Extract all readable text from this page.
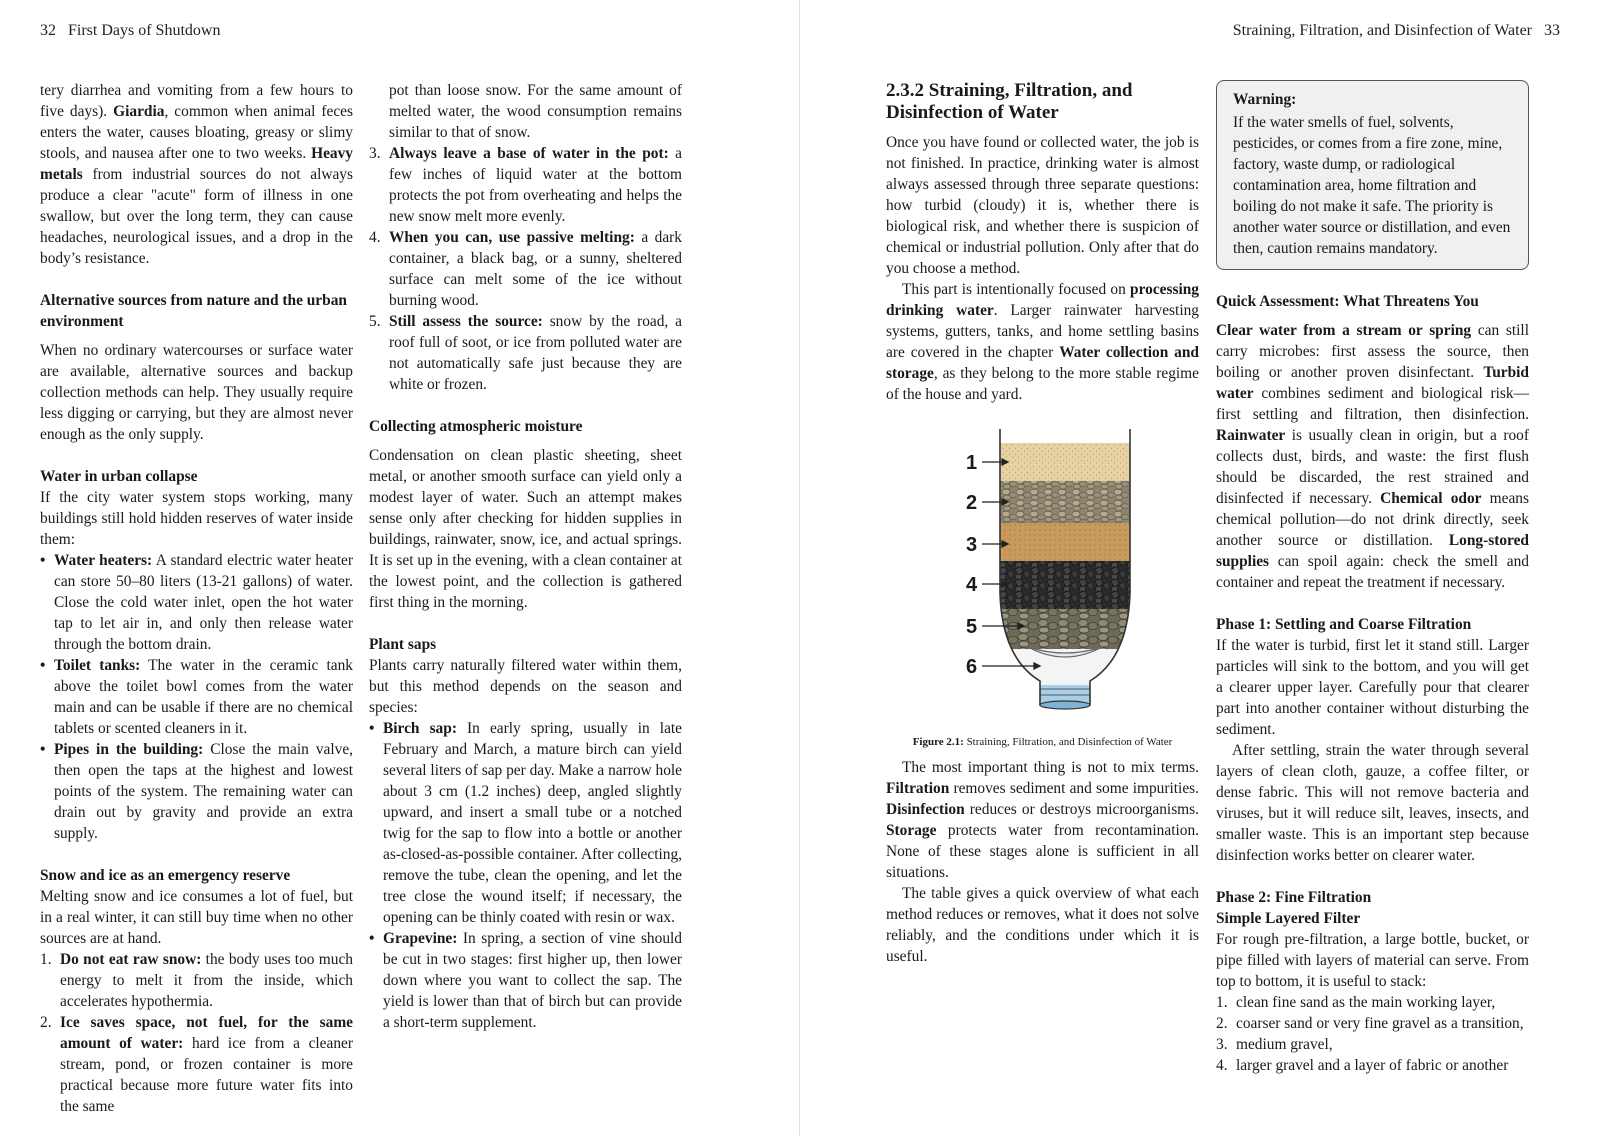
32 First Days of Shutdown

tery diarrhea and vomiting from a few hours to five days). Giardia, common when animal feces enters the water, causes bloating, greasy or slimy stools, and nausea after one to two weeks. Heavy metals from industrial sources do not always produce a clear "acute" form of illness in one swallow, but over the long term, they can cause headaches, neurological issues, and a drop in the body’s resistance.

Alternative sources from nature and the urban environment

When no ordinary watercourses or surface water are available, alternative sources and backup collection methods can help. They usually require less digging or carrying, but they are almost never enough as the only supply.

Water in urban collapse

If the city water system stops working, many buildings still hold hidden reserves of water inside them:

• Water heaters: A standard electric water heater can store 50–80 liters (13-21 gallons) of water. Close the cold water inlet, open the hot water tap to let air in, and only then release water through the bottom drain.
• Toilet tanks: The water in the ceramic tank above the toilet bowl comes from the water main and can be usable if there are no chemical tablets or scented cleaners in it.
• Pipes in the building: Close the main valve, then open the taps at the highest and lowest points of the system. The remaining water can drain out by gravity and provide an extra supply.
Snow and ice as an emergency reserve

Melting snow and ice consumes a lot of fuel, but in a real winter, it can still buy time when no other sources are at hand.

1. Do not eat raw snow: the body uses too much energy to melt it from the inside, which accelerates hypothermia.
2. Ice saves space, not fuel, for the same amount of water: hard ice from a cleaner stream, pond, or frozen container is more practical because more future water fits into the same

pot than loose snow. For the same amount of melted water, the wood consumption remains similar to that of snow.

3. Always leave a base of water in the pot: a few inches of liquid water at the bottom protects the pot from overheating and helps the new snow melt more evenly.
4. When you can, use passive melting: a dark container, a black bag, or a sunny, sheltered surface can melt some of the ice without burning wood.
5. Still assess the source: snow by the road, a roof full of soot, or ice from polluted water are not automatically safe just because they are white or frozen.
Collecting atmospheric moisture

Condensation on clean plastic sheeting, sheet metal, or another smooth surface can yield only a modest layer of water. Such an attempt makes sense only after checking for hidden supplies in buildings, rainwater, snow, ice, and actual springs. It is set up in the evening, with a clean container at the lowest point, and the collection is gathered first thing in the morning.

Plant saps

Plants carry naturally filtered water within them, but this method depends on the season and species:

• Birch sap: In early spring, usually in late February and March, a mature birch can yield several liters of sap per day. Make a narrow hole about 3 cm (1.2 inches) deep, angled slightly upward, and insert a small tube or a notched twig for the sap to flow into a bottle or another as-closed-as-possible container. After collecting, remove the tube, clean the opening, and let the tree close the wound itself; if necessary, the opening can be thinly coated with resin or wax.
• Grapevine: In spring, a section of vine should be cut in two stages: first higher up, then lower down where you want to collect the sap. The yield is lower than that of birch but can provide a short-term supplement.
Straining, Filtration, and Disinfection of Water 33
2.3.2 Straining, Filtration, and Disinfection of Water

Once you have found or collected water, the job is not finished. In practice, drinking water is almost always assessed through three separate questions: how turbid (cloudy) it is, whether there is biological risk, and whether there is suspicion of chemical or industrial pollution. Only after that do you choose a method.

This part is intentionally focused on processing drinking water. Larger rainwater harvesting systems, gutters, tanks, and home settling basins are covered in the chapter Water collection and storage, as they belong to the more stable regime of the house and yard.

1
2
3
4
5
6
Figure 2.1: Straining, Filtration, and Disinfection of Water

The most important thing is not to mix terms. Filtration removes sediment and some impurities. Disinfection reduces or destroys microorganisms. Storage protects water from recontamination. None of these stages alone is sufficient in all situations.

The table gives a quick overview of what each method reduces or removes, what it does not solve reliably, and the conditions under which it is useful.

Warning:

If the water smells of fuel, solvents, pesticides, or comes from a fire zone, mine, factory, waste dump, or radiological contamination area, home filtration and boiling do not make it safe. The priority is another water source or distillation, and even then, caution remains mandatory.

Quick Assessment: What Threatens You

Clear water from a stream or spring can still carry microbes: first assess the source, then boiling or another proven disinfectant. Turbid water combines sediment and biological risk—first settling and filtration, then disinfection. Rainwater is usually clean in origin, but a roof collects dust, birds, and waste: the first flush should be discarded, the rest strained and disinfected if necessary. Chemical odor means chemical pollution—do not drink directly, seek another source or distillation. Long-stored supplies can spoil again: check the smell and container and repeat the treatment if necessary.

Phase 1: Settling and Coarse Filtration

If the water is turbid, first let it stand still. Larger particles will sink to the bottom, and you will get a clearer upper layer. Carefully pour that clearer part into another container without disturbing the sediment.

After settling, strain the water through several layers of clean cloth, gauze, a coffee filter, or dense fabric. This will not remove bacteria and viruses, but it will reduce silt, leaves, insects, and smaller waste. This is an important step because disinfection works better on clearer water.

Phase 2: Fine Filtration
Simple Layered Filter

For rough pre-filtration, a large bottle, bucket, or pipe filled with layers of material can serve. From top to bottom, it is useful to stack:

1. clean fine sand as the main working layer,
2. coarser sand or very fine gravel as a transition,
3. medium gravel,
4. larger gravel and a layer of fabric or another
